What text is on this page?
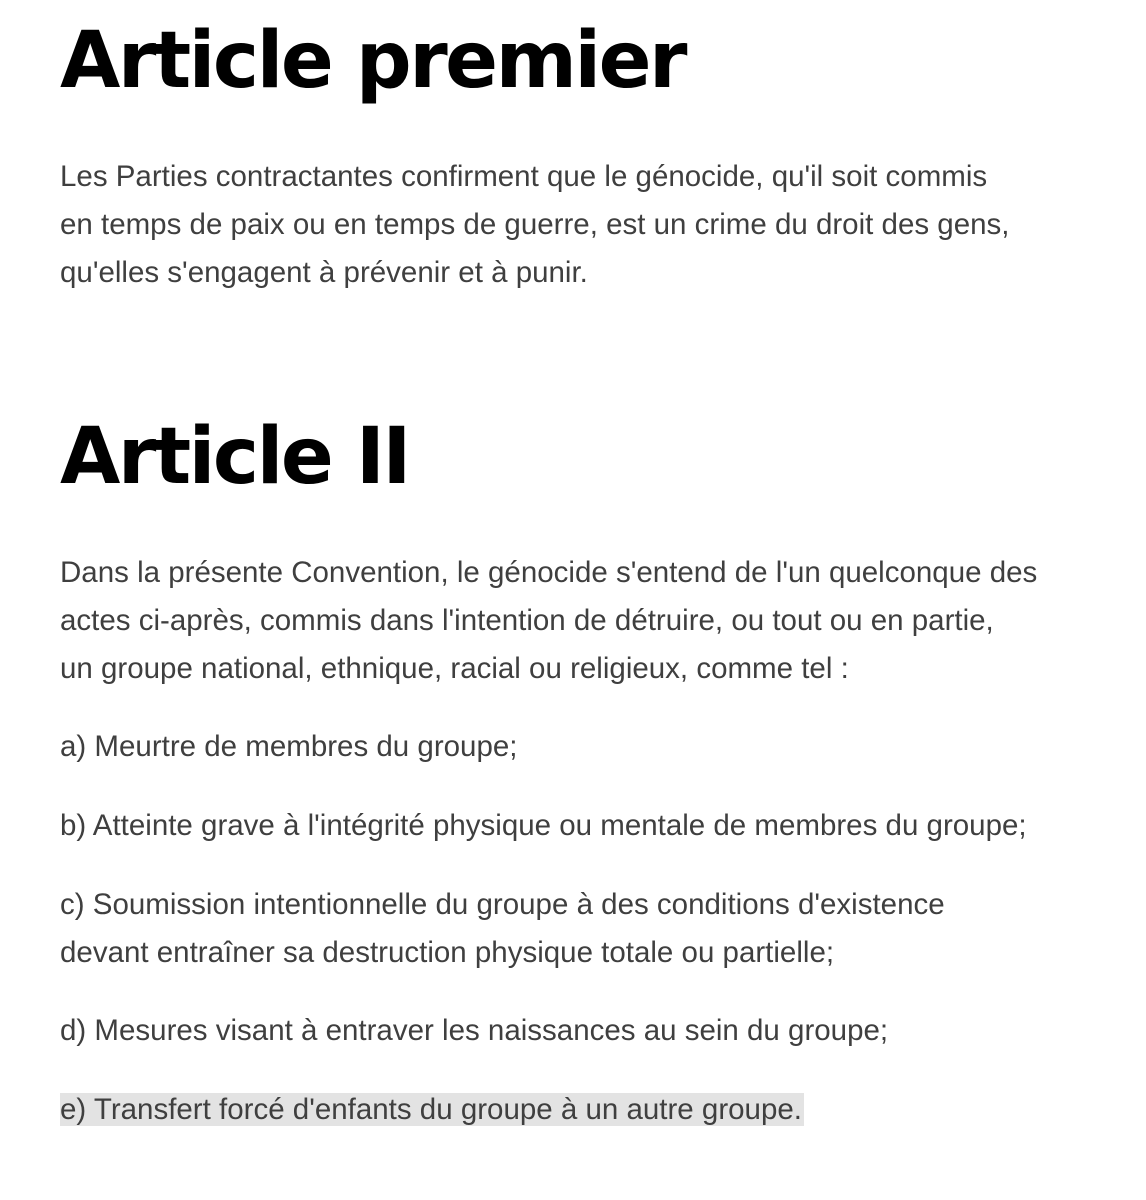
Article premier

Les Parties contractantes confirment que le génocide, qu'il soit commis
en temps de paix ou en temps de guerre, est un crime du droit des gens,
qu'elles s'engagent à prévenir et à punir.

Article II

Dans la présente Convention, le génocide s'entend de l'un quelconque des
actes ci-après, commis dans l'intention de détruire, ou tout ou en partie,
un groupe national, ethnique, racial ou religieux, comme tel :

a) Meurtre de membres du groupe;

b) Atteinte grave à l'intégrité physique ou mentale de membres du groupe;

c) Soumission intentionnelle du groupe à des conditions d'existence
devant entraîner sa destruction physique totale ou partielle;

d) Mesures visant à entraver les naissances au sein du groupe;

e) Transfert forcé d'enfants du groupe à un autre groupe.
